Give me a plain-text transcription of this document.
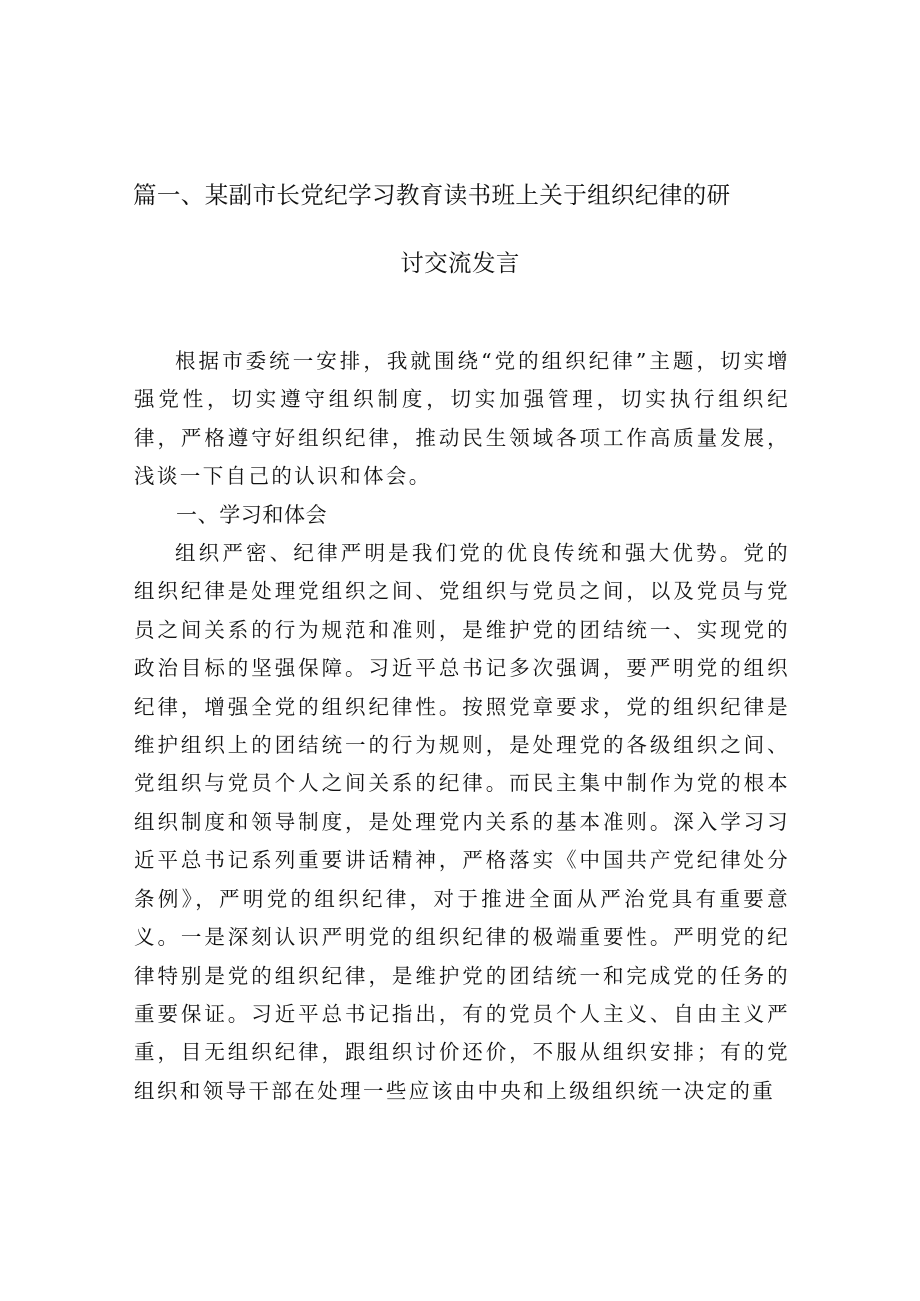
篇一、某副市长党纪学习教育读书班上关于组织纪律的研
讨交流发言

根据市委统一安排，我就围绕“党的组织纪律”主题，切实增强党性，切实遵守组织制度，切实加强管理，切实执行组织纪律，严格遵守好组织纪律，推动民生领域各项工作高质量发展，浅谈一下自己的认识和体会。

一、学习和体会

组织严密、纪律严明是我们党的优良传统和强大优势。党的组织纪律是处理党组织之间、党组织与党员之间，以及党员与党员之间关系的行为规范和准则，是维护党的团结统一、实现党的政治目标的坚强保障。习近平总书记多次强调，要严明党的组织纪律，增强全党的组织纪律性。按照党章要求，党的组织纪律是维护组织上的团结统一的行为规则，是处理党的各级组织之间、党组织与党员个人之间关系的纪律。而民主集中制作为党的根本组织制度和领导制度，是处理党内关系的基本准则。深入学习习近平总书记系列重要讲话精神，严格落实《中国共产党纪律处分条例》，严明党的组织纪律，对于推进全面从严治党具有重要意义。一是深刻认识严明党的组织纪律的极端重要性。严明党的纪律特别是党的组织纪律，是维护党的团结统一和完成党的任务的重要保证。习近平总书记指出，有的党员个人主义、自由主义严重，目无组织纪律，跟组织讨价还价，不服从组织安排；有的党组织和领导干部在处理一些应该由中央和上级组织统一决定的重
